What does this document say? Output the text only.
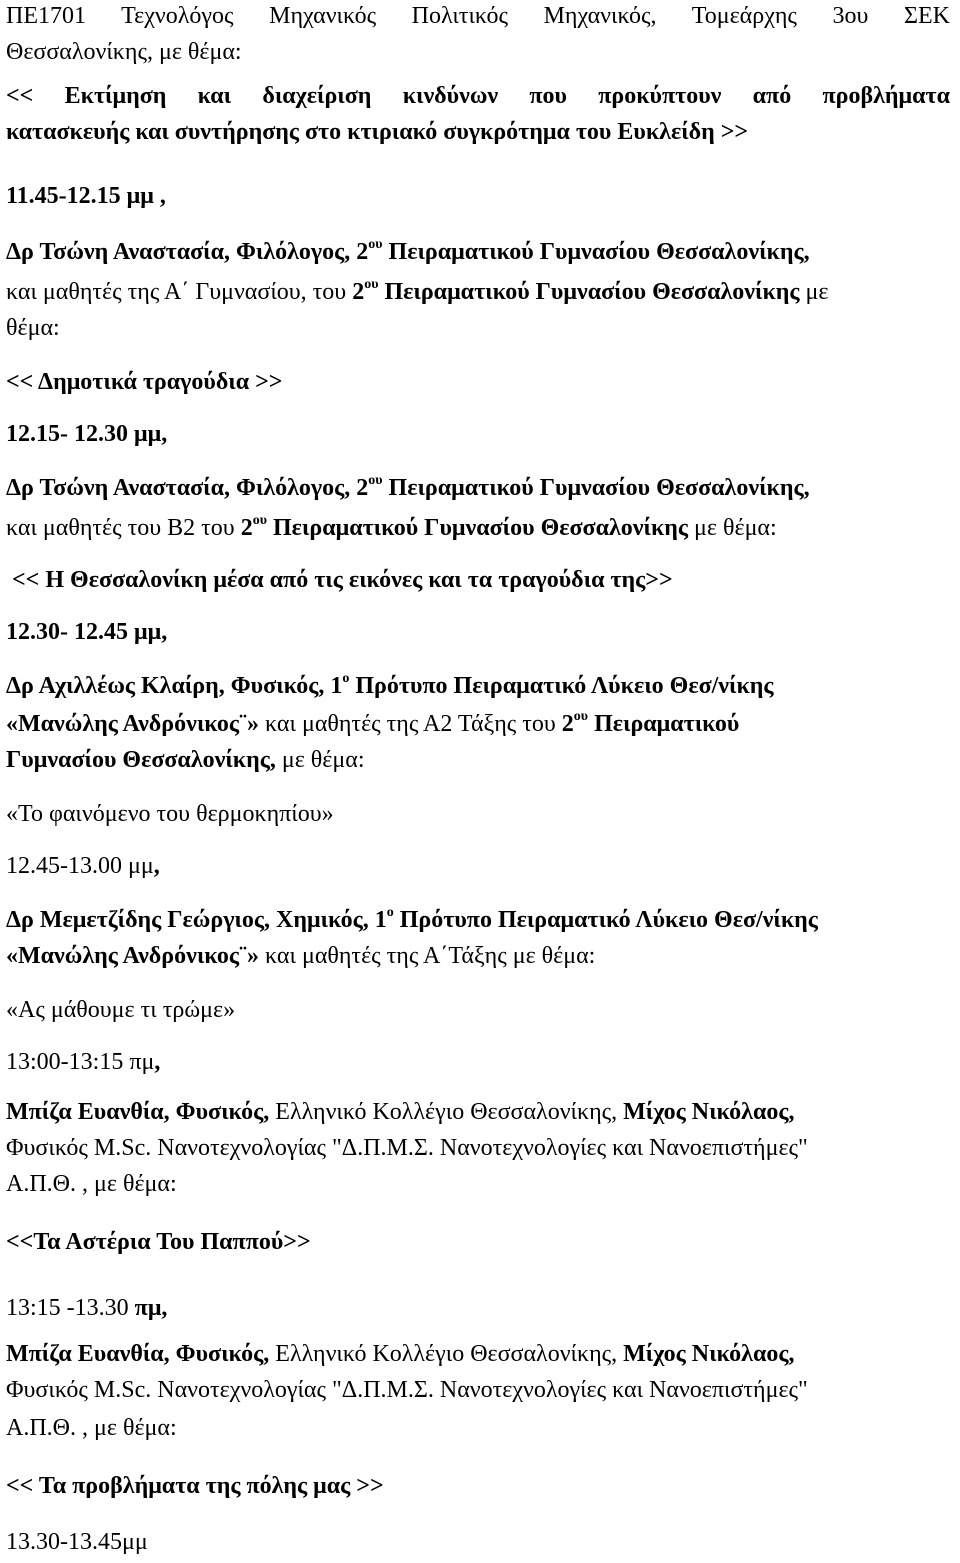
ΠΕ1701 Τεχνολόγος Μηχανικός Πολιτικός Μηχανικός, Τομεάρχης 3ου ΣΕΚ

Θεσσαλονίκης, με θέμα:

<< Εκτίμηση και διαχείριση κινδύνων που προκύπτουν από προβλήματα

κατασκευής και συντήρησης στο κτιριακό συγκρότημα του Ευκλείδη >>

11.45-12.15 μμ ,

Δρ Τσώνη Αναστασία, Φιλόλογος, $2^{o\upsilon}$ Πειραματικού Γυμνασίου Θεσσαλονίκης,

και μαθητές της Α΄ Γυμνασίου, του $2^{o\upsilon}$ Πειραματικού Γυμνασίου Θεσσαλονίκης με

θέμα:

<< Δημοτικά τραγούδια >>

12.15- 12.30 μμ,

Δρ Τσώνη Αναστασία, Φιλόλογος, $2^{o\upsilon}$ Πειραματικού Γυμνασίου Θεσσαλονίκης,

και μαθητές του Β2 του $2^{o\upsilon}$ Πειραματικού Γυμνασίου Θεσσαλονίκης με θέμα:

<< Η Θεσσαλονίκη μέσα από τις εικόνες και τα τραγούδια της>>

12.30- 12.45 μμ,

Δρ Αχιλλέως Κλαίρη, Φυσικός, $1^o$ Πρότυπο Πειραματικό Λύκειο Θεσ/νίκης

«Μανώλης Ανδρόνικος¨» και μαθητές της Α2 Τάξης του $2^{o\upsilon}$ Πειραματικού

Γυμνασίου Θεσσαλονίκης, με θέμα:

«Το φαινόμενο του θερμοκηπίου»

12.45-13.00 μμ,

Δρ Μεμετζίδης Γεώργιος, Χημικός, $1^o$ Πρότυπο Πειραματικό Λύκειο Θεσ/νίκης

«Μανώλης Ανδρόνικος¨» και μαθητές της Α΄Τάξης με θέμα:

«Ας μάθουμε τι τρώμε»

13:00-13:15 πμ,

Μπίζα Ευανθία, Φυσικός, Ελληνικό Κολλέγιο Θεσσαλονίκης, Μίχος Νικόλαος,

Φυσικός M.Sc. Νανοτεχνολογίας "Δ.Π.Μ.Σ. Νανοτεχνολογίες και Νανοεπιστήμες"

Α.Π.Θ. , με θέμα:

<<Τα Αστέρια Του Παππού>>

13:15 -13.30 πμ,

Μπίζα Ευανθία, Φυσικός, Ελληνικό Κολλέγιο Θεσσαλονίκης, Μίχος Νικόλαος,

Φυσικός M.Sc. Νανοτεχνολογίας "Δ.Π.Μ.Σ. Νανοτεχνολογίες και Νανοεπιστήμες"

Α.Π.Θ. , με θέμα:

<< Τα προβλήματα της πόλης μας >>

13.30-13.45μμ
